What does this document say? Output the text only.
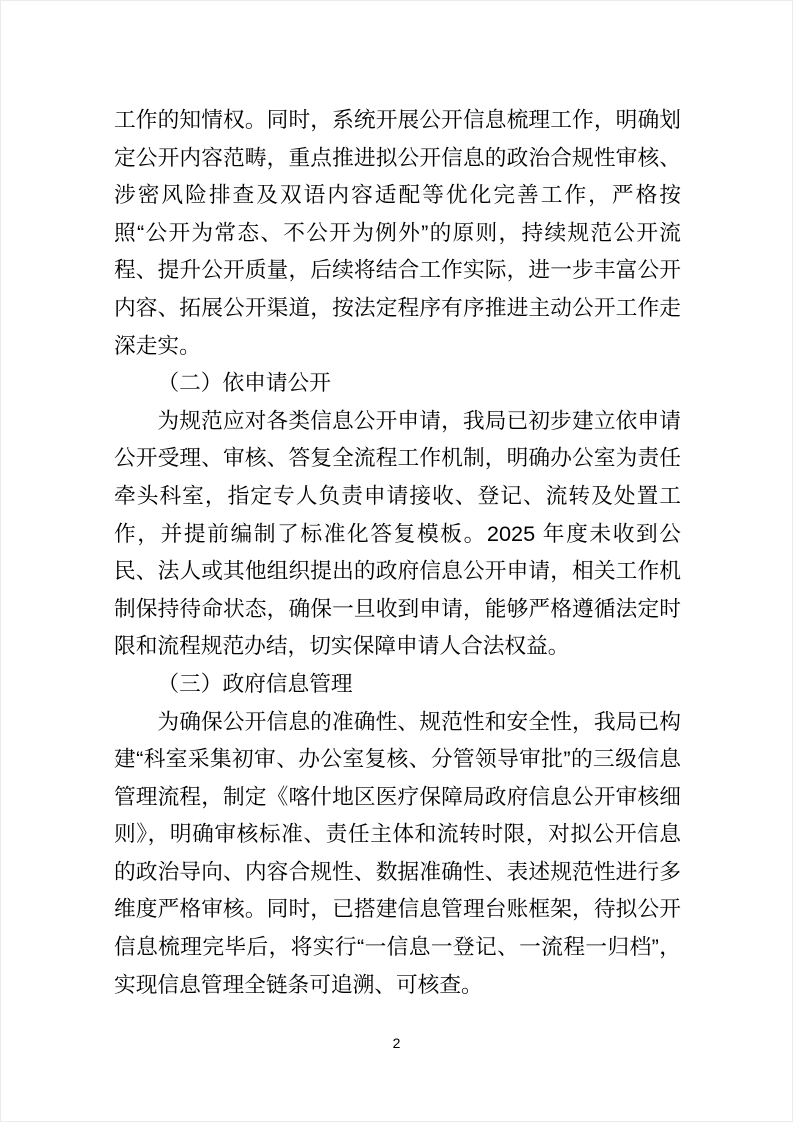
工作的知情权。同时，系统开展公开信息梳理工作，明确划定公开内容范畴，重点推进拟公开信息的政治合规性审核、涉密风险排查及双语内容适配等优化完善工作，严格按照“公开为常态、不公开为例外”的原则，持续规范公开流程、提升公开质量，后续将结合工作实际，进一步丰富公开内容、拓展公开渠道，按法定程序有序推进主动公开工作走深走实。

（二）依申请公开

为规范应对各类信息公开申请，我局已初步建立依申请公开受理、审核、答复全流程工作机制，明确办公室为责任牵头科室，指定专人负责申请接收、登记、流转及处置工作，并提前编制了标准化答复模板。2025 年度未收到公民、法人或其他组织提出的政府信息公开申请，相关工作机制保持待命状态，确保一旦收到申请，能够严格遵循法定时限和流程规范办结，切实保障申请人合法权益。

（三）政府信息管理

为确保公开信息的准确性、规范性和安全性，我局已构建“科室采集初审、办公室复核、分管领导审批”的三级信息管理流程，制定《喀什地区医疗保障局政府信息公开审核细则》，明确审核标准、责任主体和流转时限，对拟公开信息的政治导向、内容合规性、数据准确性、表述规范性进行多维度严格审核。同时，已搭建信息管理台账框架，待拟公开信息梳理完毕后，将实行“一信息一登记、一流程一归档”，实现信息管理全链条可追溯、可核查。

2
